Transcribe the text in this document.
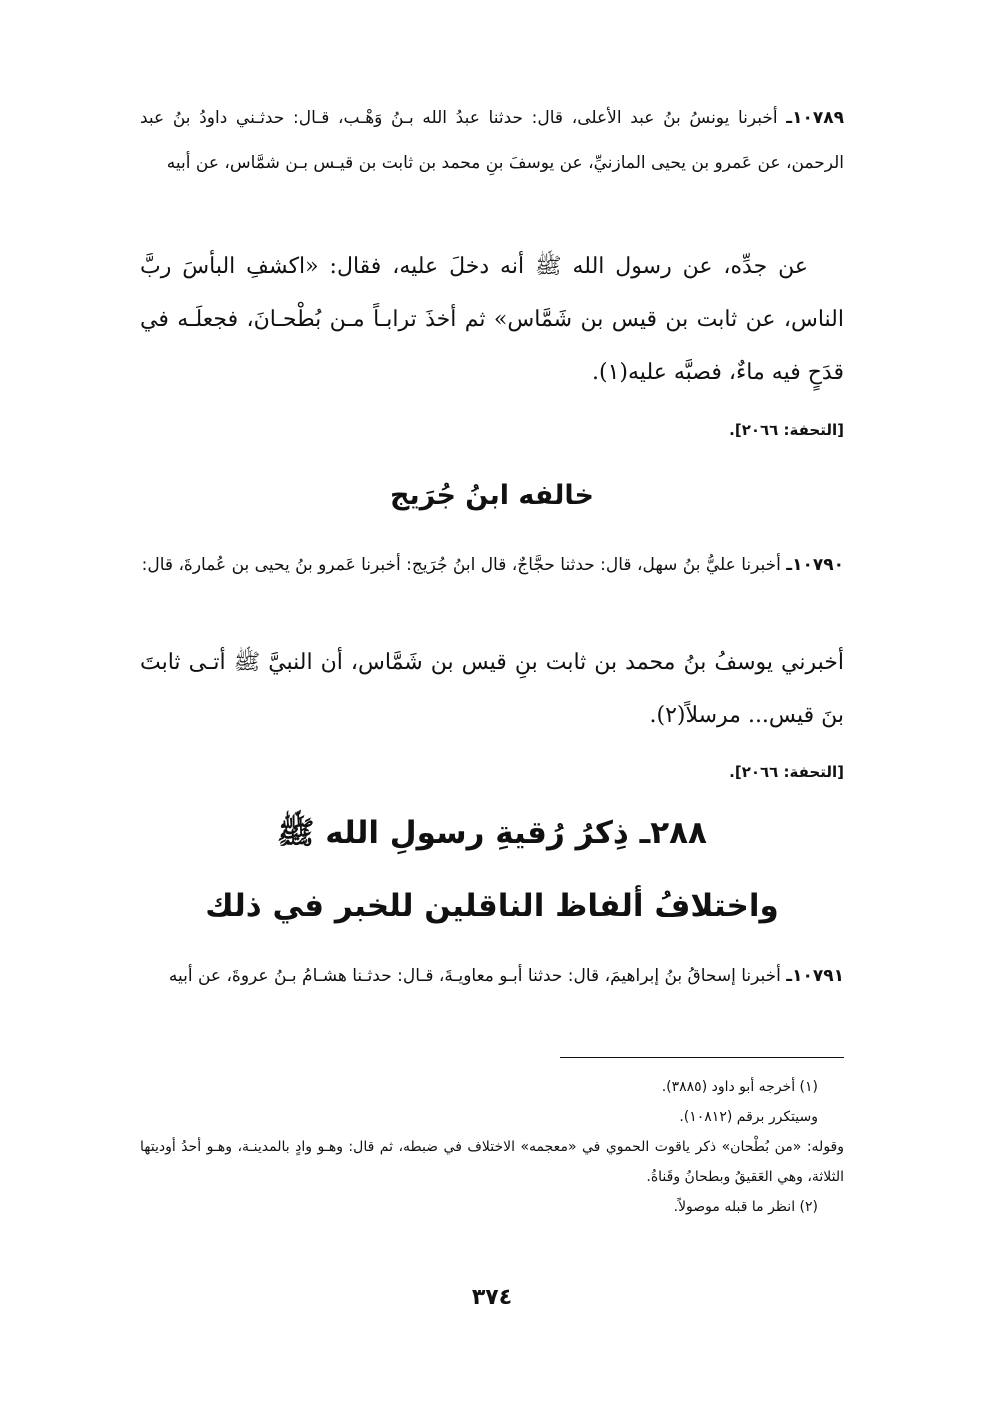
١٠٧٨٩ـ أخبرنا يونسُ بنُ عبد الأعلى، قال: حدثنا عبدُ الله بـنُ وَهْـب، قـال: حدثـني داودُ بنُ عبد الرحمن، عن عَمرو بن يحيى المازنيِّ، عن يوسفَ بنِ محمد بن ثابت بن قيـس بـن شمَّاس، عن أبيه
عن جدِّه، عن رسول الله ﷺ أنه دخلَ عليه، فقال: «اكشفِ البأسَ ربَّ الناس، عن ثابت بن قيس بن شَمَّاس» ثم أخذَ ترابـاً مـن بُطْحـانَ، فجعلَـه في قدَحٍ فيه ماءٌ، فصبَّه عليه(١).
[التحفة: ٢٠٦٦].
خالفه ابنُ جُرَيج
١٠٧٩٠ـ أخبرنا عليُّ بنُ سهل، قال: حدثنا حجَّاجٌ، قال ابنُ جُرَيج: أخبرنا عَمرو بنُ يحيى بن عُمارةَ، قال:
أخبرني يوسفُ بنُ محمد بن ثابت بنِ قيس بن شَمَّاس، أن النبيَّ ﷺ أتـى ثابتَ بنَ قيس... مرسلاً(٢).
[التحفة: ٢٠٦٦].
٢٨٨ـ ذِكرُ رُقيةِ رسولِ الله ﷺ
واختلافُ ألفاظ الناقلين للخبر في ذلك
١٠٧٩١ـ أخبرنا إسحاقُ بنُ إبراهيمَ، قال: حدثنا أبـو معاويـةَ، قـال: حدثـنا هشـامُ بـنُ عروةَ، عن أبيه
(١) أخرجه أبو داود (٣٨٨٥).
وسيتكرر برقم (١٠٨١٢).
وقوله: «من بُطْحان» ذكر ياقوت الحموي في «معجمه» الاختلاف في ضبطه، ثم قال: وهـو وادٍ بالمدينـة، وهـو أحدُ أوديتها الثلاثة، وهي العَقيقُ وبطحانُ وقَناةُ.
(٢) انظر ما قبله موصولاً.
٣٧٤
